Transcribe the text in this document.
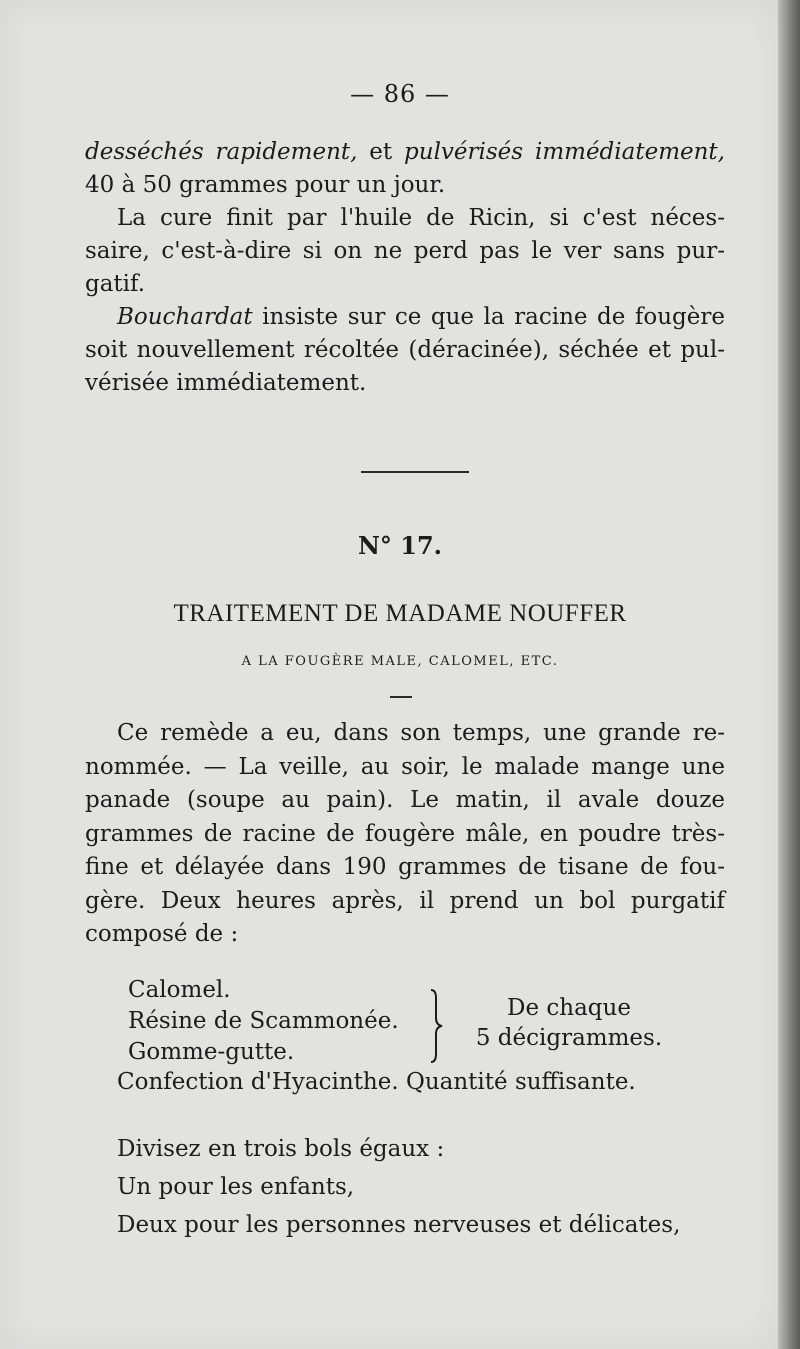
— 86 —
desséchés rapidement, et pulvérisés immédiatement,
40 à 50 grammes pour un jour.
La cure finit par l'huile de Ricin, si c'est néces-
saire, c'est-à-dire si on ne perd pas le ver sans pur-
gatif.
Bouchardat insiste sur ce que la racine de fougère
soit nouvellement récoltée (déracinée), séchée et pul-
vérisée immédiatement.
N° 17.
TRAITEMENT DE MADAME NOUFFER
A LA FOUGÈRE MALE, CALOMEL, ETC.
Ce remède a eu, dans son temps, une grande re-
nommée. — La veille, au soir, le malade mange une
panade (soupe au pain). Le matin, il avale douze
grammes de racine de fougère mâle, en poudre très-
fine et délayée dans 190 grammes de tisane de fou-
gère. Deux heures après, il prend un bol purgatif
composé de :
Calomel.
Résine de Scammonée.
Gomme-gutte.
De chaque
5 décigrammes.
Confection d'Hyacinthe. Quantité suffisante.
Divisez en trois bols égaux :
Un pour les enfants,
Deux pour les personnes nerveuses et délicates,
